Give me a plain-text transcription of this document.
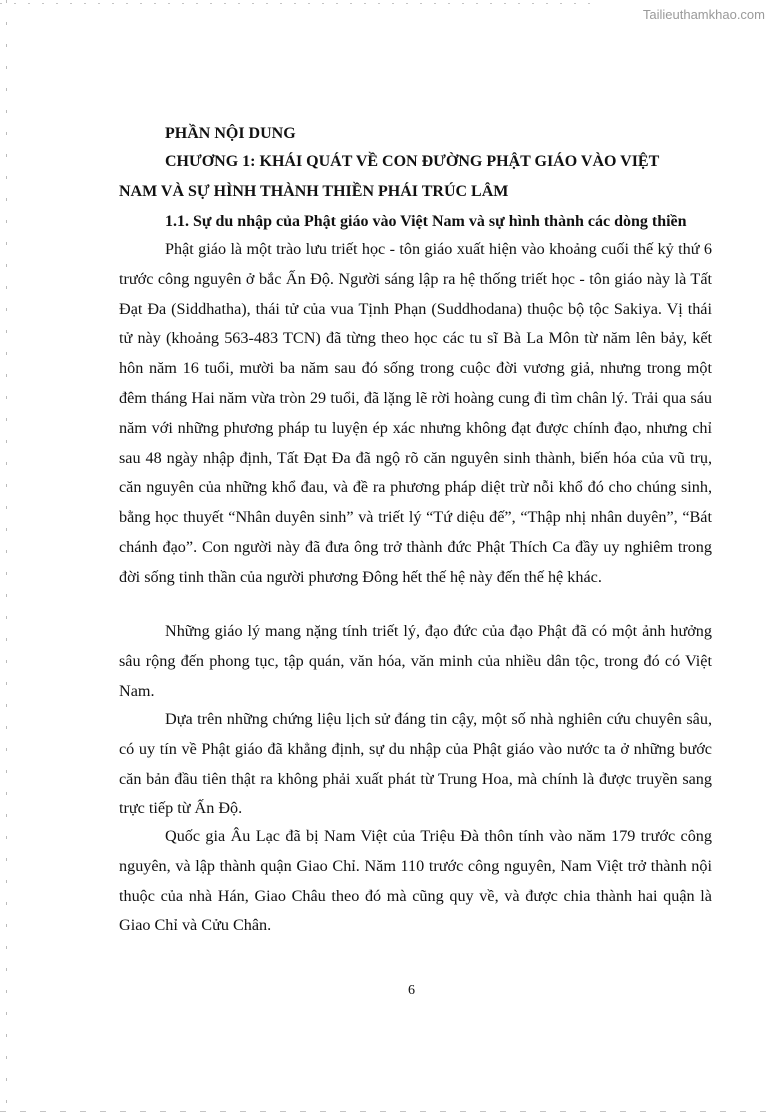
Tailieuthamkhao.com
PHẦN NỘI DUNG
CHƯƠNG 1: KHÁI QUÁT VỀ CON ĐƯỜNG PHẬT GIÁO VÀO VIỆT
NAM VÀ SỰ HÌNH THÀNH THIỀN PHÁI TRÚC LÂM
1.1. Sự du nhập của Phật giáo vào Việt Nam và sự hình thành các dòng thiền

Phật giáo là một trào lưu triết học - tôn giáo xuất hiện vào khoảng cuối thế kỷ thứ 6 trước công nguyên ở bắc Ấn Độ. Người sáng lập ra hệ thống triết học - tôn giáo này là Tất Đạt Đa (Siddhatha), thái tử của vua Tịnh Phạn (Suddhodana) thuộc bộ tộc Sakiya. Vị thái tử này (khoảng 563-483 TCN) đã từng theo học các tu sĩ Bà La Môn từ năm lên bảy, kết hôn năm 16 tuổi, mười ba năm sau đó sống trong cuộc đời vương giả, nhưng trong một đêm tháng Hai năm vừa tròn 29 tuổi, đã lặng lẽ rời hoàng cung đi tìm chân lý. Trải qua sáu năm với những phương pháp tu luyện ép xác nhưng không đạt được chính đạo, nhưng chỉ sau 48 ngày nhập định, Tất Đạt Đa đã ngộ rõ căn nguyên sinh thành, biến hóa của vũ trụ, căn nguyên của những khổ đau, và đề ra phương pháp diệt trừ nỗi khổ đó cho chúng sinh, bằng học thuyết “Nhân duyên sinh” và triết lý “Tứ diệu đế”, “Thập nhị nhân duyên”, “Bát chánh đạo”. Con người này đã đưa ông trở thành đức Phật Thích Ca đầy uy nghiêm trong đời sống tinh thần của người phương Đông hết thế hệ này đến thế hệ khác.

Những giáo lý mang nặng tính triết lý, đạo đức của đạo Phật đã có một ảnh hưởng sâu rộng đến phong tục, tập quán, văn hóa, văn minh của nhiều dân tộc, trong đó có Việt Nam.

Dựa trên những chứng liệu lịch sử đáng tin cậy, một số nhà nghiên cứu chuyên sâu, có uy tín về Phật giáo đã khẳng định, sự du nhập của Phật giáo vào nước ta ở những bước căn bản đầu tiên thật ra không phải xuất phát từ Trung Hoa, mà chính là được truyền sang trực tiếp từ Ấn Độ.

Quốc gia Âu Lạc đã bị Nam Việt của Triệu Đà thôn tính vào năm 179 trước công nguyên, và lập thành quận Giao Chỉ. Năm 110 trước công nguyên, Nam Việt trở thành nội thuộc của nhà Hán, Giao Châu theo đó mà cũng quy về, và được chia thành hai quận là Giao Chỉ và Cửu Chân.

6
